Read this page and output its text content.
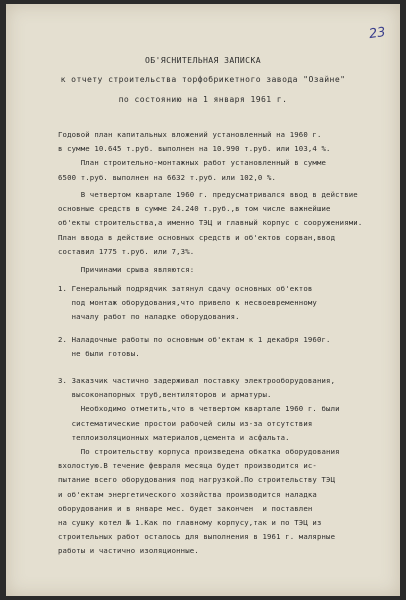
23
ОБ'ЯСНИТЕЛЬНАЯ ЗАПИСКА
к отчету строительства торфобрикетного завода "Озайне"
по состоянию на 1 января 1961 г.
Годовой план капитальных вложений установленный на 1960 г.
в сумме 10.645 т.руб. выполнен на 10.990 т.руб. или 103,4 %.
План строительно-монтажных работ установленный в сумме
6500 т.руб. выполнен на 6632 т.руб. или 102,0 %.
В четвертом квартале 1960 г. предусматривался ввод в действие
основные средств в сумме 24.240 т.руб.,в том числе важнейшие
об'екты строительства,а именно ТЭЦ и главный корпус с сооружениями.
План ввода в действие основных средств и об'ектов сорван,ввод
составил 1775 т.руб. или 7,3%.
Причинами срыва являются:
1. Генеральный подрядчик затянул сдачу основных об'ектов
под монтаж оборудования,что привело к несвоевременному
началу работ по наладке оборудования.
2. Наладочные работы по основным об'ектам к 1 декабря 1960г.
не были готовы.
3. Заказчик частично задерживал поставку электрооборудования,
высоконапорных труб,вентиляторов и арматуры.
Необходимо отметить,что в четвертом квартале 1960 г. были
систематические простои рабочей силы из-за отсутствия
теплоизоляционных материалов,цемента и асфальта.
По строительству корпуса произведена обкатка оборудования
вхолостую.В течение февраля месяца будет производится ис-
пытание всего оборудования под нагрузкой.По строительству ТЭЦ
и об'ектам энергетического хозяйства производится наладка
оборудования и в январе мес. будет закончен  и поставлен
на сушку котел № 1.Как по главному корпусу,так и по ТЭЦ из
строительных работ осталось для выполнения в 1961 г. малярные
работы и частично изоляционные.
